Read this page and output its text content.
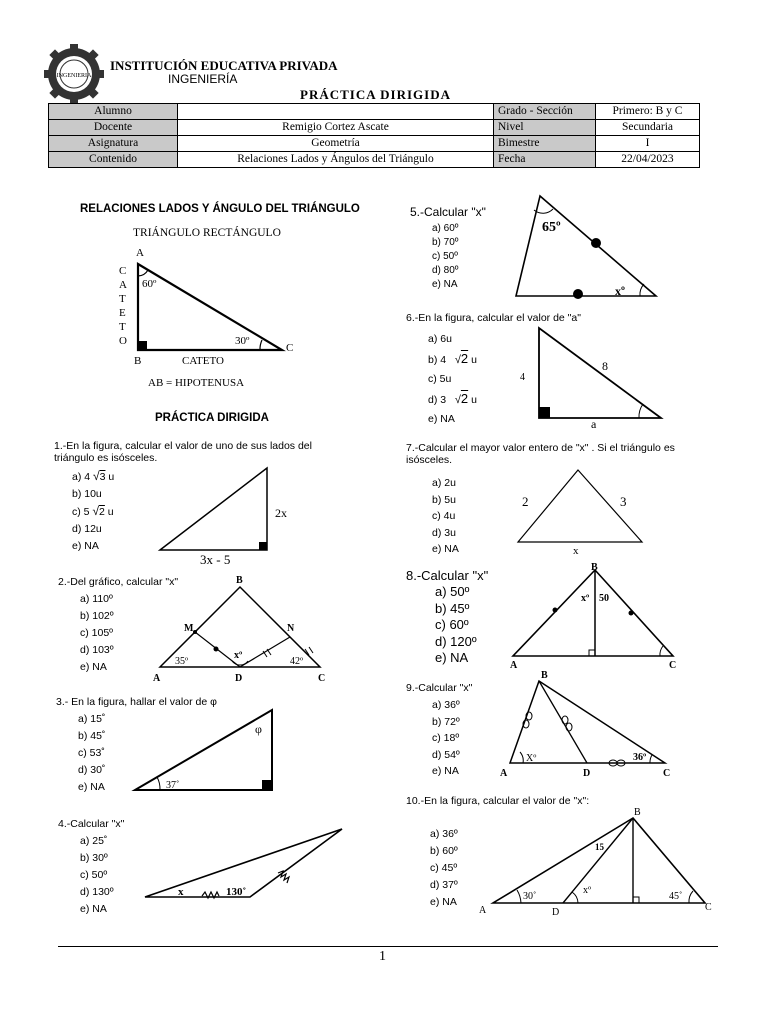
INGENIERIA
INSTITUCIÓN EDUCATIVA PRIVADA
INGENIERÍA
PRÁCTICA DIRIGIDA
Alumno		Grado - Sección	Primero: B y C
Docente	Remigio Cortez Ascate	Nivel	Secundaria
Asignatura	Geometría	Bimestre	I
Contenido	Relaciones Lados y Ángulos del Triángulo	Fecha	22/04/2023
RELACIONES LADOS Y ÁNGULO DEL TRIÁNGULO
TRIÁNGULO RECTÁNGULO
A
B
C
60º
30º
C
A
T
E
T
O
CATETO
AB = HIPOTENUSA
PRÁCTICA DIRIGIDA
1.-En la figura, calcular el valor de uno de sus lados del
triángulo es isósceles.
a) 4 √3 u
b) 10u
c) 5 √2 u
d) 12u
e) NA
2x
3x - 5
2.-Del gráfico, calcular "x"
a) 110º
b) 102º
c) 105º
d) 103º
e) NA
B
M	N
A	D	C
35º
xº
42º
3.- En la figura, hallar el valor de φ
a) 15˚
b) 45˚
c) 53˚
d) 30˚
e) NA
φ
37˚
4.-Calcular "x"
a) 25˚
b) 30º
c) 50º
d) 130º
e) NA
x	130˚
5.-Calcular "x"
a) 60º
b) 70º
c) 50º
d) 80º
e) NA
65º
xº
6.-En la figura, calcular el valor de "a"
a) 6u
b) 4 √2 u
c) 5u
d) 3 √2 u
e) NA
4
8
a
7.-Calcular el mayor valor entero de "x" . Si el triángulo es
isósceles.
a) 2u
b) 5u
c) 4u
d) 3u
e) NA
2	3
x
8.-Calcular "x"
a) 50º
b) 45º
c) 60º
d) 120º
e) NA
B
A	C
xº 50
9.-Calcular "x"
a) 36º
b) 72º
c) 18º
d) 54º
e) NA
B
A	D	C
Xº	36º
10.-En la figura, calcular el valor de "x":
a) 36º
b) 60º
c) 45º
d) 37º
e) NA
B
A	D	C
15
30˚
xº
45˚
1
